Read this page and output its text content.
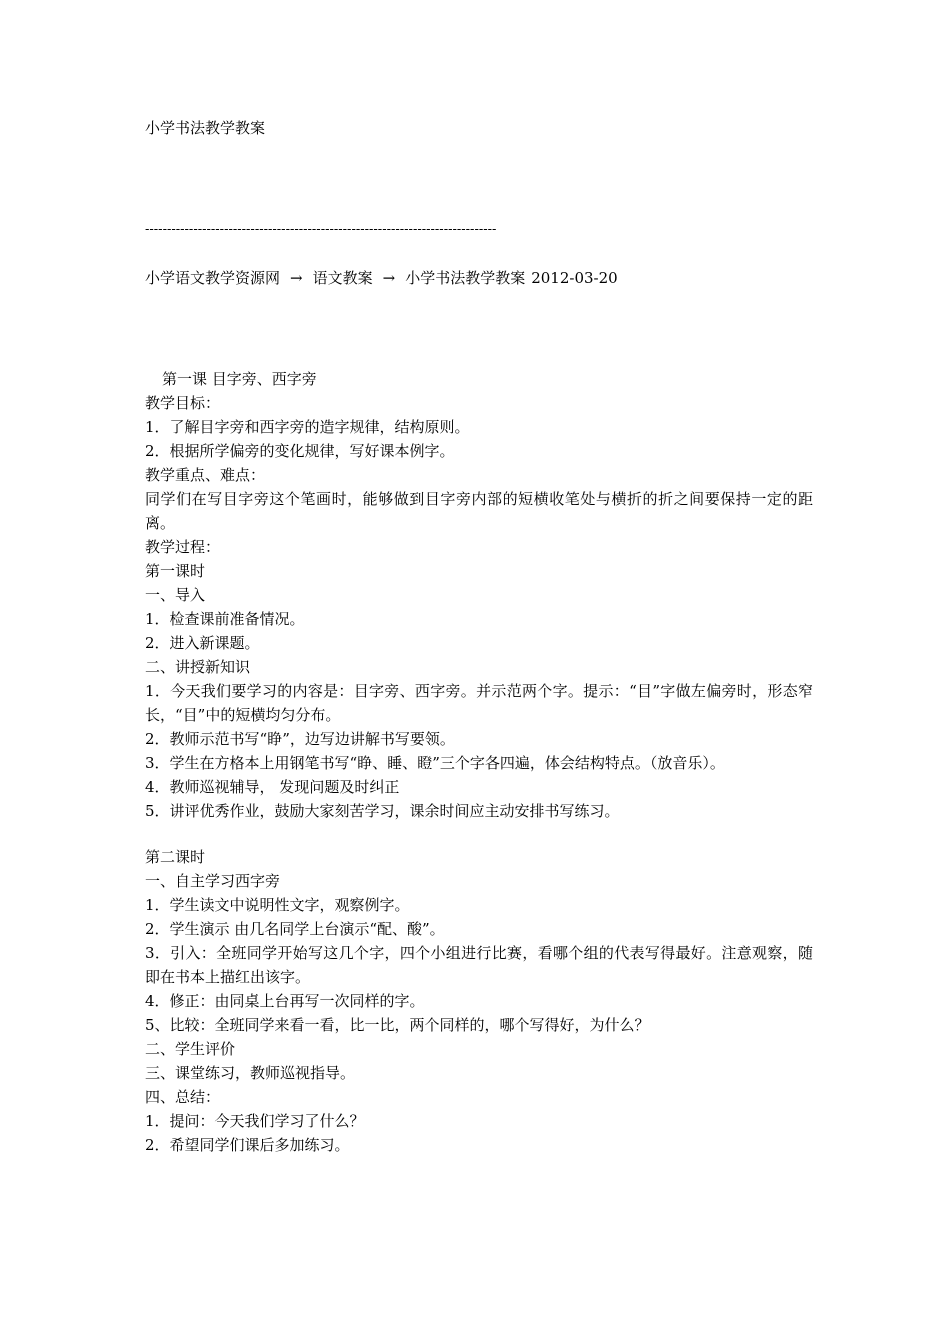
小学书法教学教案
--------------------------------------------------------------------------------
小学语文教学资源网 → 语文教案 → 小学书法教学教案 2012-03-20
第一课 目字旁、西字旁
教学目标：
1．了解目字旁和西字旁的造字规律，结构原则。
2．根据所学偏旁的变化规律，写好课本例字。
教学重点、难点：
同学们在写目字旁这个笔画时，能够做到目字旁内部的短横收笔处与横折的折之间要保持一定的距离。
教学过程：
第一课时
一、导入
1．检查课前准备情况。
2．进入新课题。
二、讲授新知识
1．今天我们要学习的内容是：目字旁、西字旁。并示范两个字。提示：“目”字做左偏旁时，形态窄长，“目”中的短横均匀分布。
2．教师示范书写“睁”，边写边讲解书写要领。
3．学生在方格本上用钢笔书写“睁、睡、瞪”三个字各四遍，体会结构特点。（放音乐）。
4．教师巡视辅导， 发现问题及时纠正
5．讲评优秀作业，鼓励大家刻苦学习，课余时间应主动安排书写练习。
第二课时
一、自主学习西字旁
1．学生读文中说明性文字，观察例字。
2．学生演示 由几名同学上台演示“配、酸”。
3．引入：全班同学开始写这几个字，四个小组进行比赛，看哪个组的代表写得最好。注意观察，随即在书本上描红出该字。
4．修正：由同桌上台再写一次同样的字。
5、比较：全班同学来看一看，比一比，两个同样的，哪个写得好，为什么？
二、学生评价
三、课堂练习，教师巡视指导。
四、总结：
1．提问：今天我们学习了什么？
2．希望同学们课后多加练习。
